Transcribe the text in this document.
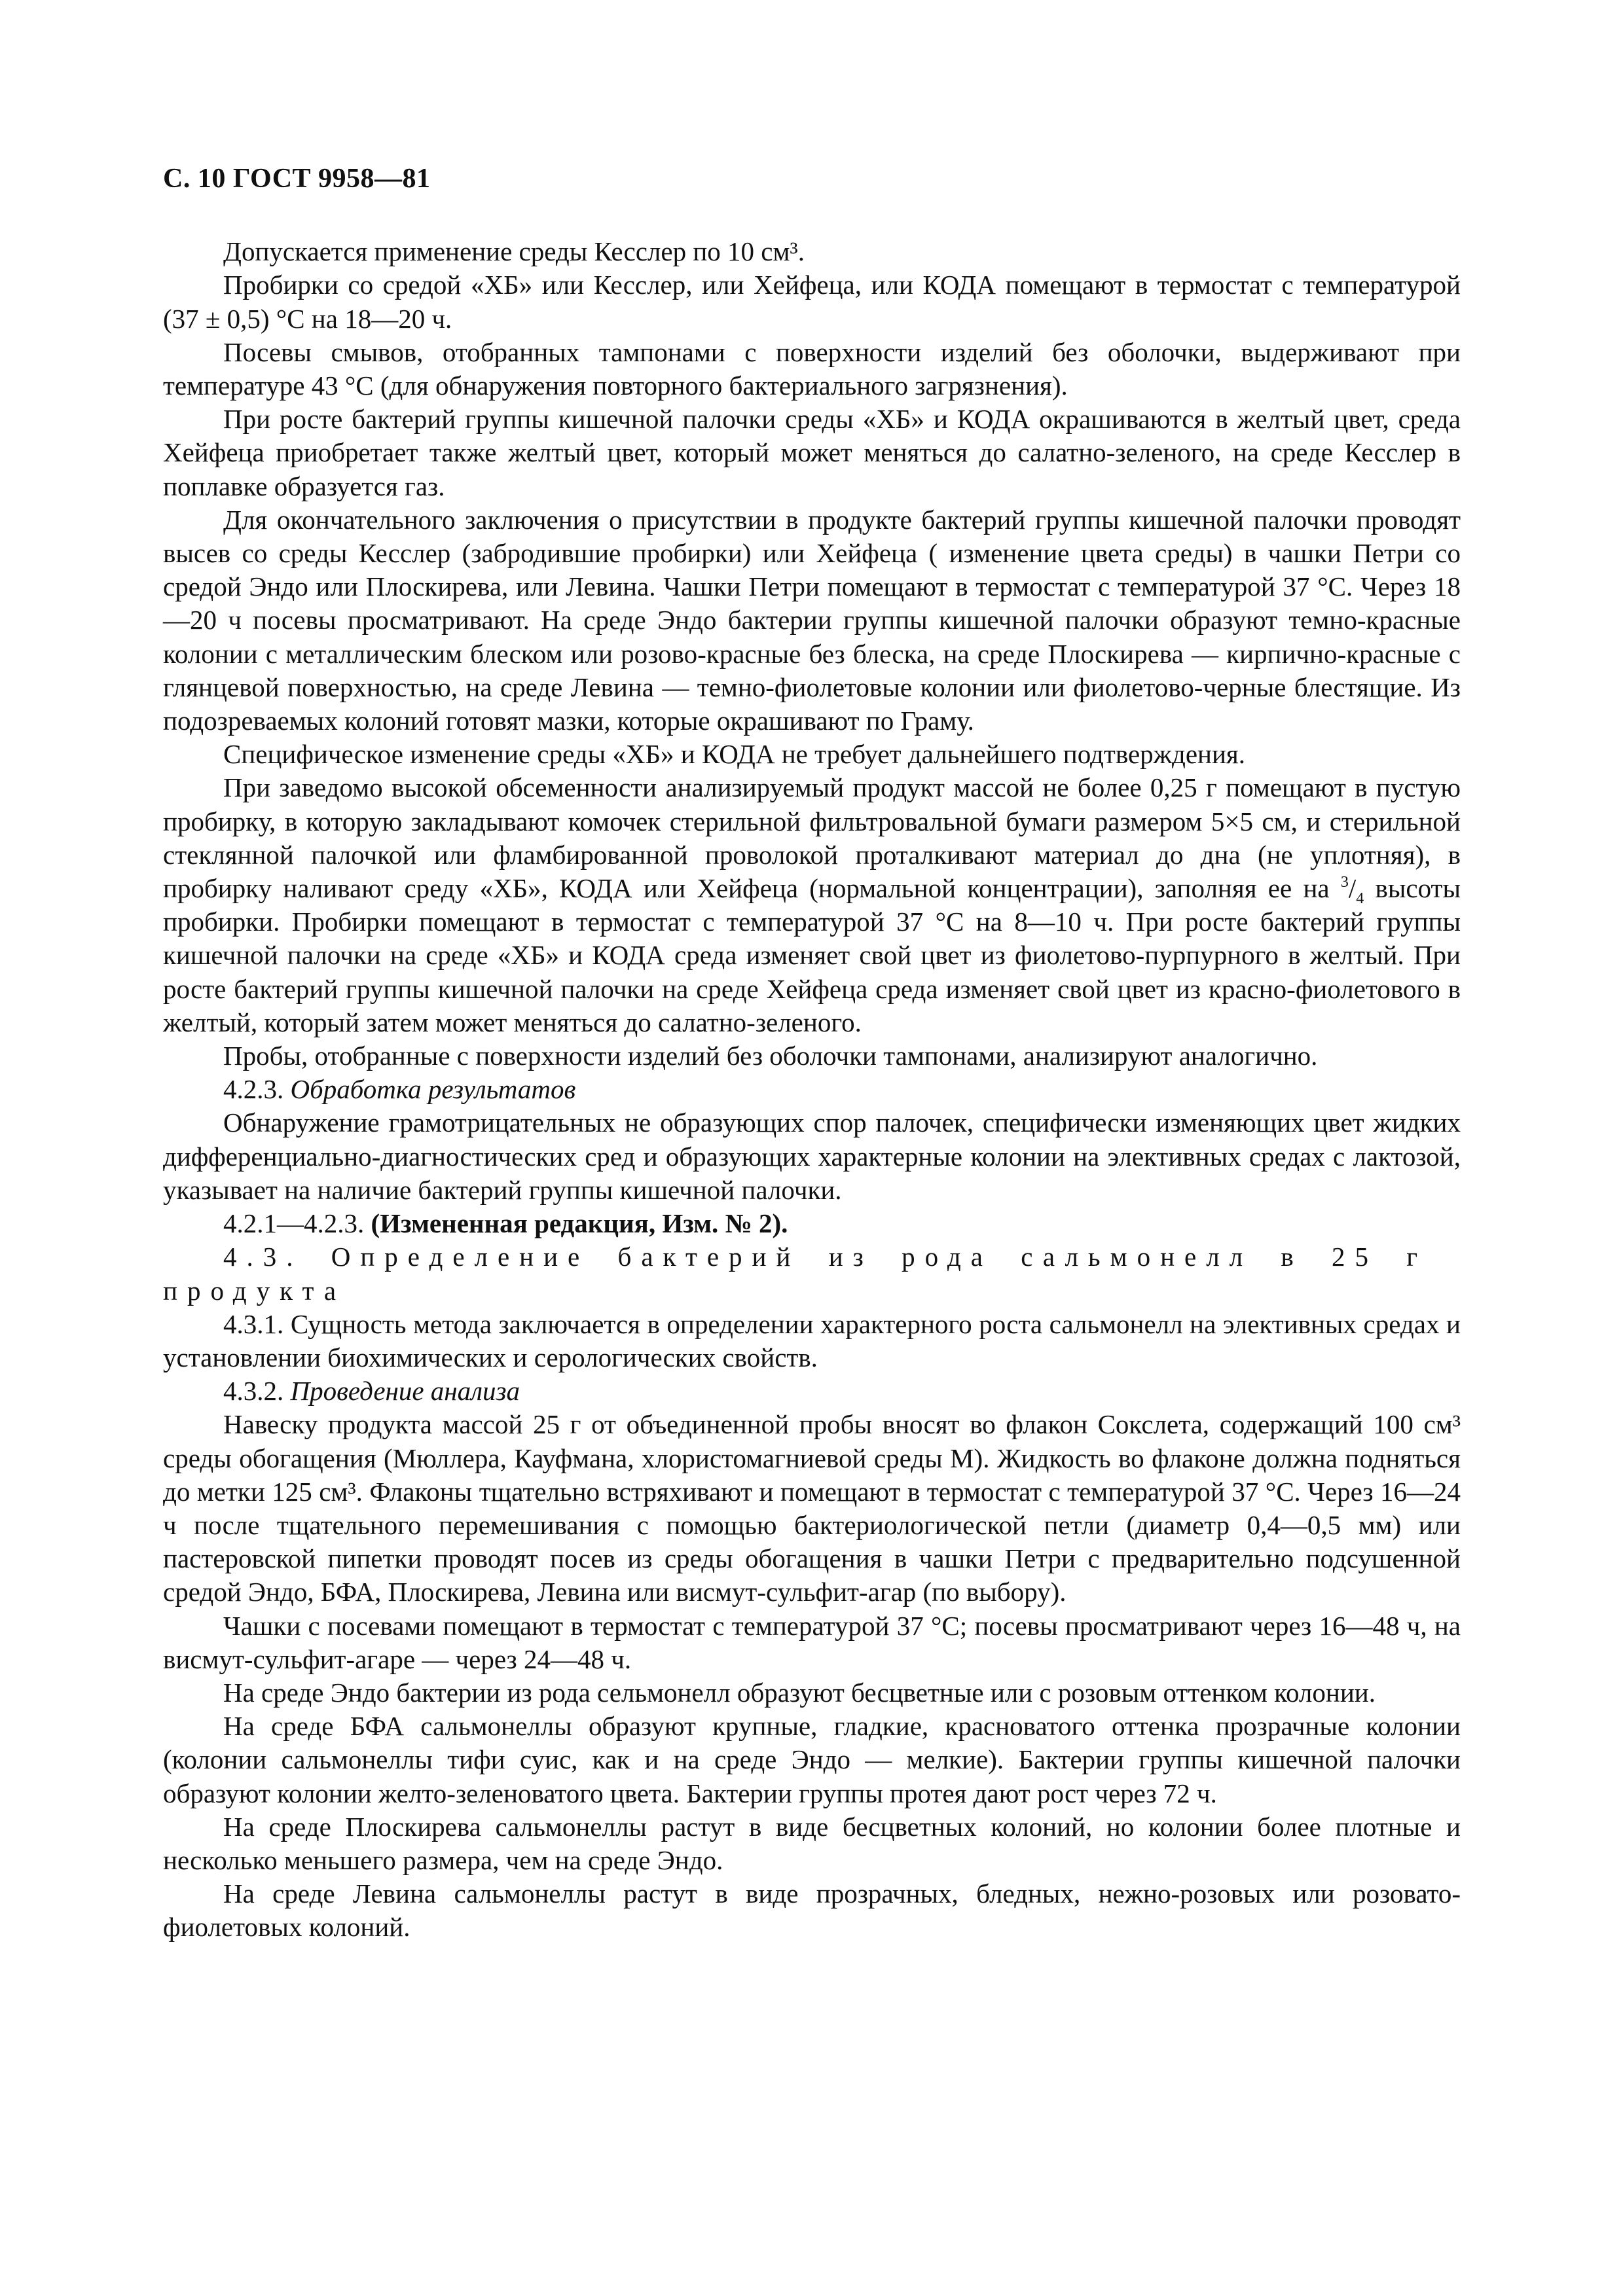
С. 10 ГОСТ 9958—81

Допускается применение среды Кесслер по 10 см³.

Пробирки со средой «ХБ» или Кесслер, или Хейфеца, или КОДА помещают в термостат с температурой (37 ± 0,5) °С на 18—20 ч.

Посевы смывов, отобранных тампонами с поверхности изделий без оболочки, выдерживают при температуре 43 °С (для обнаружения повторного бактериального загрязнения).

При росте бактерий группы кишечной палочки среды «ХБ» и КОДА окрашиваются в желтый цвет, среда Хейфеца приобретает также желтый цвет, который может меняться до салатно-зеленого, на среде Кесслер в поплавке образуется газ.

Для окончательного заключения о присутствии в продукте бактерий группы кишечной палочки проводят высев со среды Кесслер (забродившие пробирки) или Хейфеца ( изменение цвета среды) в чашки Петри со средой Эндо или Плоскирева, или Левина. Чашки Петри помещают в термостат с температурой 37 °С. Через 18—20 ч посевы просматривают. На среде Эндо бактерии группы кишечной палочки образуют темно-красные колонии с металлическим блеском или розово-красные без блеска, на среде Плоскирева — кирпично-красные с глянцевой поверхностью, на среде Левина — темно-фиолетовые колонии или фиолетово-черные блестящие. Из подозреваемых колоний готовят мазки, которые окрашивают по Граму.

Специфическое изменение среды «ХБ» и КОДА не требует дальнейшего подтверждения.

При заведомо высокой обсеменности анализируемый продукт массой не более 0,25 г помещают в пустую пробирку, в которую закладывают комочек стерильной фильтровальной бумаги размером 5×5 см, и стерильной стеклянной палочкой или фламбированной проволокой проталкивают материал до дна (не уплотняя), в пробирку наливают среду «ХБ», КОДА или Хейфеца (нормальной концентрации), заполняя ее на $^3/_4$ высоты пробирки. Пробирки помещают в термостат с температурой 37 °С на 8—10 ч. При росте бактерий группы кишечной палочки на среде «ХБ» и КОДА среда изменяет свой цвет из фиолетово-пурпурного в желтый. При росте бактерий группы кишечной палочки на среде Хейфеца среда изменяет свой цвет из красно-фиолетового в желтый, который затем может меняться до салатно-зеленого.

Пробы, отобранные с поверхности изделий без оболочки тампонами, анализируют аналогично.

4.2.3. Обработка результатов

Обнаружение грамотрицательных не образующих спор палочек, специфически изменяющих цвет жидких дифференциально-диагностических сред и образующих характерные колонии на элективных средах с лактозой, указывает на наличие бактерий группы кишечной палочки.

4.2.1—4.2.3. (Измененная редакция, Изм. № 2).

4.3. Определение бактерий из рода сальмонелл в 25 г продукта

4.3.1. Сущность метода заключается в определении характерного роста сальмонелл на элективных средах и установлении биохимических и серологических свойств.

4.3.2. Проведение анализа

Навеску продукта массой 25 г от объединенной пробы вносят во флакон Сокслета, содержащий 100 см³ среды обогащения (Мюллера, Кауфмана, хлористомагниевой среды М). Жидкость во флаконе должна подняться до метки 125 см³. Флаконы тщательно встряхивают и помещают в термостат с температурой 37 °С. Через 16—24 ч после тщательного перемешивания с помощью бактериологической петли (диаметр 0,4—0,5 мм) или пастеровской пипетки проводят посев из среды обогащения в чашки Петри с предварительно подсушенной средой Эндо, БФА, Плоскирева, Левина или висмут-сульфит-агар (по выбору).

Чашки с посевами помещают в термостат с температурой 37 °С; посевы просматривают через 16—48 ч, на висмут-сульфит-агаре — через 24—48 ч.

На среде Эндо бактерии из рода сельмонелл образуют бесцветные или с розовым оттенком колонии.

На среде БФА сальмонеллы образуют крупные, гладкие, красноватого оттенка прозрачные колонии (колонии сальмонеллы тифи суис, как и на среде Эндо — мелкие). Бактерии группы кишечной палочки образуют колонии желто-зеленоватого цвета. Бактерии группы протея дают рост через 72 ч.

На среде Плоскирева сальмонеллы растут в виде бесцветных колоний, но колонии более плотные и несколько меньшего размера, чем на среде Эндо.

На среде Левина сальмонеллы растут в виде прозрачных, бледных, нежно-розовых или розовато-фиолетовых колоний.
